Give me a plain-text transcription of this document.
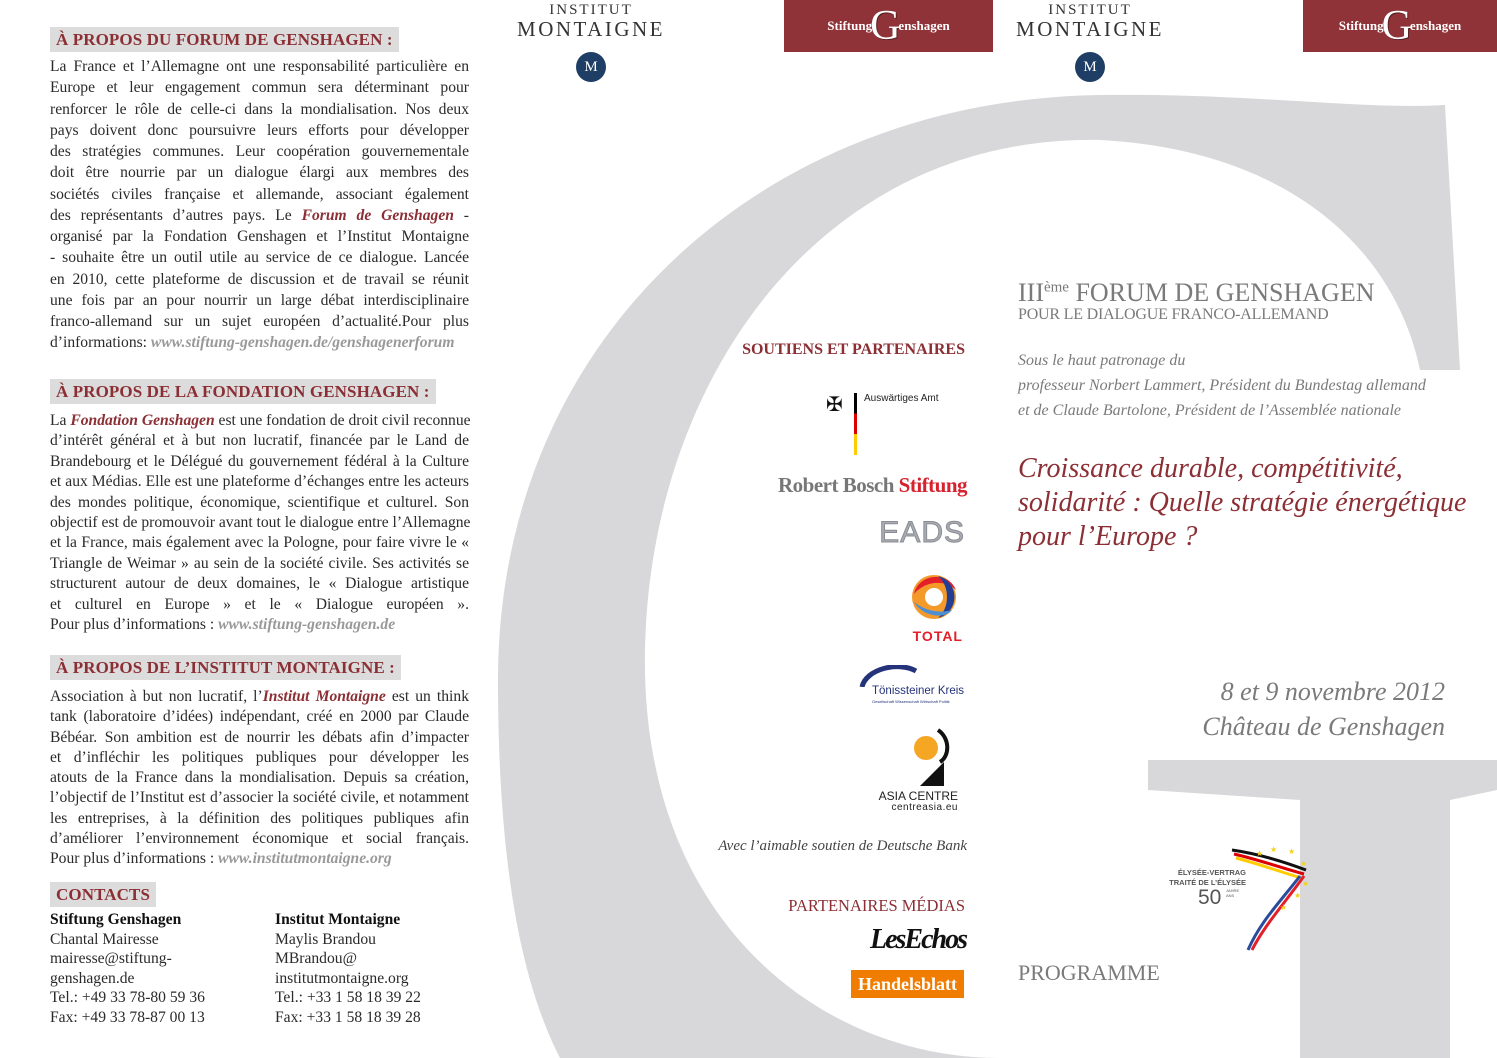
INSTITUT
MONTAIGNE
M
Stiftung
G
enshagen
INSTITUT
MONTAIGNE
M
Stiftung
G
enshagen
À PROPOS DU FORUM DE GENSHAGEN :
La France et l’Allemagne ont une responsabilité particulière en
Europe et leur engagement commun sera déterminant pour
renforcer le rôle de celle-ci dans la mondialisation. Nos deux
pays doivent donc poursuivre leurs efforts pour développer
des stratégies communes. Leur coopération gouvernementale
doit être nourrie par un dialogue élargi aux membres des
sociétés civiles française et allemande, associant également
des représentants d’autres pays. Le Forum de Genshagen -
organisé par la Fondation Genshagen et l’Institut Montaigne
- souhaite être un outil utile au service de ce dialogue. Lancée
en 2010, cette plateforme de discussion et de travail se réunit
une fois par an pour nourrir un large débat interdisciplinaire
franco-allemand sur un sujet européen d’actualité.Pour plus
d’informations: www.stiftung-genshagen.de/genshagenerforum
À PROPOS DE LA FONDATION GENSHAGEN :
La Fondation Genshagen est une fondation de droit civil reconnue
d’intérêt général et à but non lucratif, financée par le Land de
Brandebourg et le Délégué du gouvernement fédéral à la Culture
et aux Médias. Elle est une plateforme d’échanges entre les acteurs
des mondes politique, économique, scientifique et culturel. Son
objectif est de promouvoir avant tout le dialogue entre l’Allemagne
et la France, mais également avec la Pologne, pour faire vivre le «
Triangle de Weimar » au sein de la société civile. Ses activités se
structurent autour de deux domaines, le « Dialogue artistique
et culturel en Europe » et le « Dialogue européen ».
Pour plus d’informations : www.stiftung-genshagen.de
À PROPOS DE L’INSTITUT MONTAIGNE :
Association à but non lucratif, l’Institut Montaigne est un think
tank (laboratoire d’idées) indépendant, créé en 2000 par Claude
Bébéar. Son ambition est de nourrir les débats afin d’impacter
et d’infléchir les politiques publiques pour développer les
atouts de la France dans la mondialisation. Depuis sa création,
l’objectif de l’Institut est d’associer la société civile, et notamment
les entreprises, à la définition des politiques publiques afin
d’améliorer l’environnement économique et social français.
Pour plus d’informations : www.institutmontaigne.org
CONTACTS
Stiftung Genshagen
Chantal Mairesse
mairesse@stiftung-
genshagen.de
Tel.: +49 33 78-80 59 36
Fax: +49 33 78-87 00 13
Institut Montaigne
Maylis Brandou
MBrandou@
institutmontaigne.org
Tel.: +33 1 58 18 39 22
Fax: +33 1 58 18 39 28
SOUTIENS ET PARTENAIRES
✠ Auswärtiges Amt
Robert Bosch Stiftung
EADS
TOTAL
Tönissteiner Kreis
Gesellschaft Wissenschaft Wirtschaft Politik
ASIA CENTRE
centreasia.eu
Avec l’aimable soutien de Deutsche Bank
PARTENAIRES MÉDIAS
LesEchos
Handelsblatt
IIIème FORUM DE GENSHAGEN
POUR LE DIALOGUE FRANCO-ALLEMAND
Sous le haut patronage du
professeur Norbert Lammert, Président du Bundestag allemand
et de Claude Bartolone, Président de l’Assemblée nationale
Croissance durable, compétitivité,
solidarité : Quelle stratégie énergétique
pour l’Europe ?
8 et 9 novembre 2012
Château de Genshagen
ÉLYSÉE-VERTRAG
TRAITÉ DE L’ÉLYSÉE
50 JAHRE
ANS
★ ★
★
★
★
★
★
PROGRAMME
